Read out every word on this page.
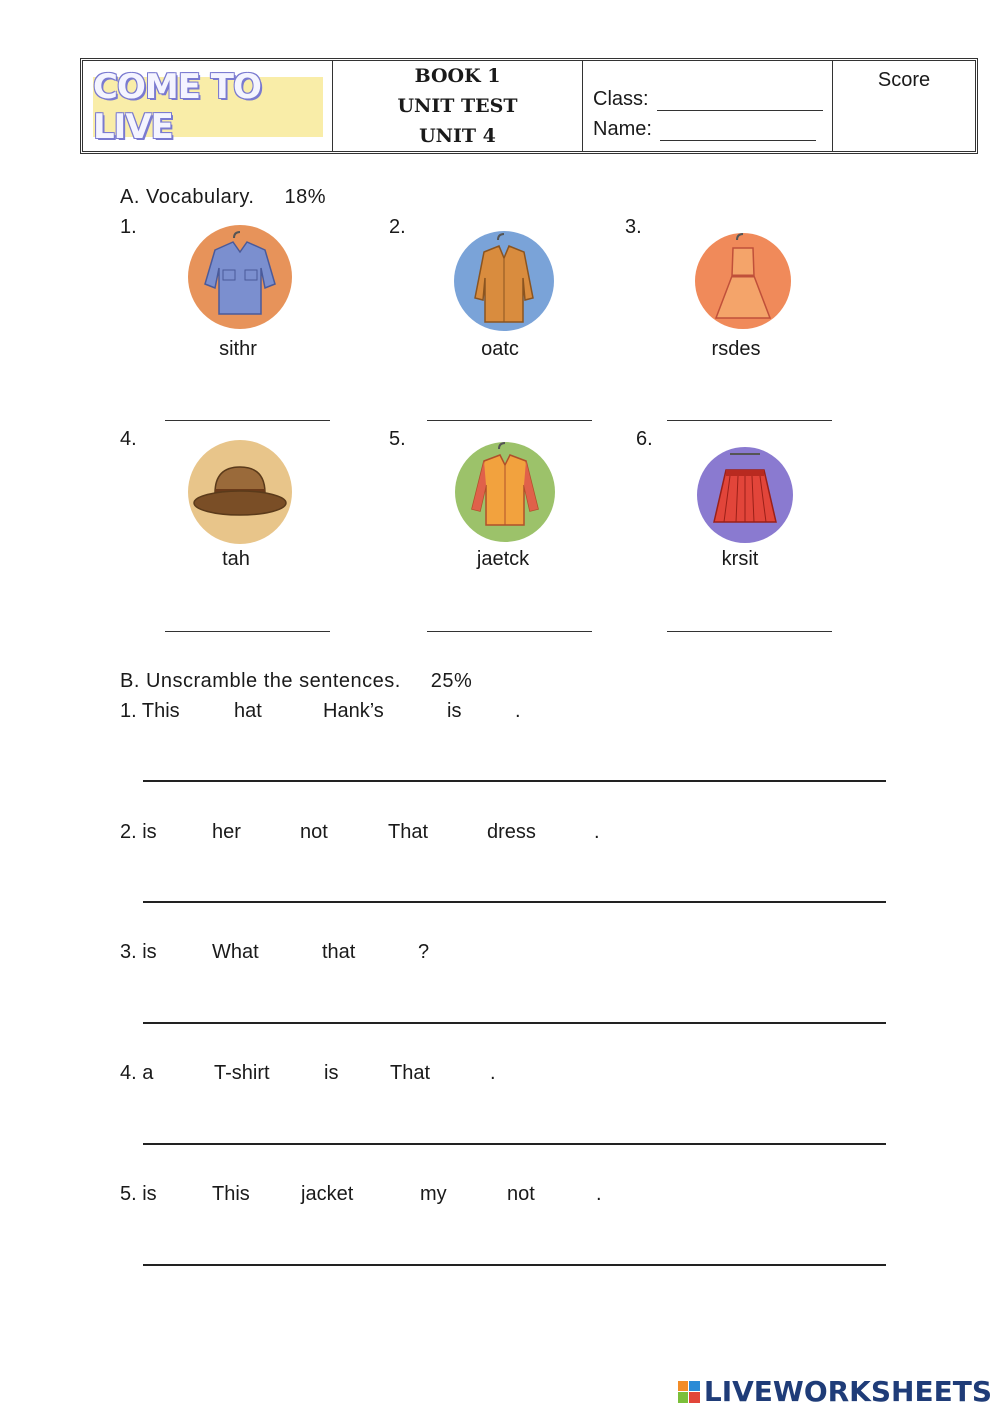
COME TO LIVE
BOOK 1
UNIT TEST
UNIT 4
Class:
Name:
Score
A. Vocabulary. 18%
1.
sithr
2.
oatc
3.
rsdes
4.
tah
5.
jaetck
6.
krsit
B. Unscramble the sentences. 25%
1. This	hat	Hank’s	is	.
2. is	her	not	That	dress	.
3. is	What	that	?
4. a	T-shirt	is	That	.
5. is	This	jacket	my	not	.
LIVEWORKSHEETS
